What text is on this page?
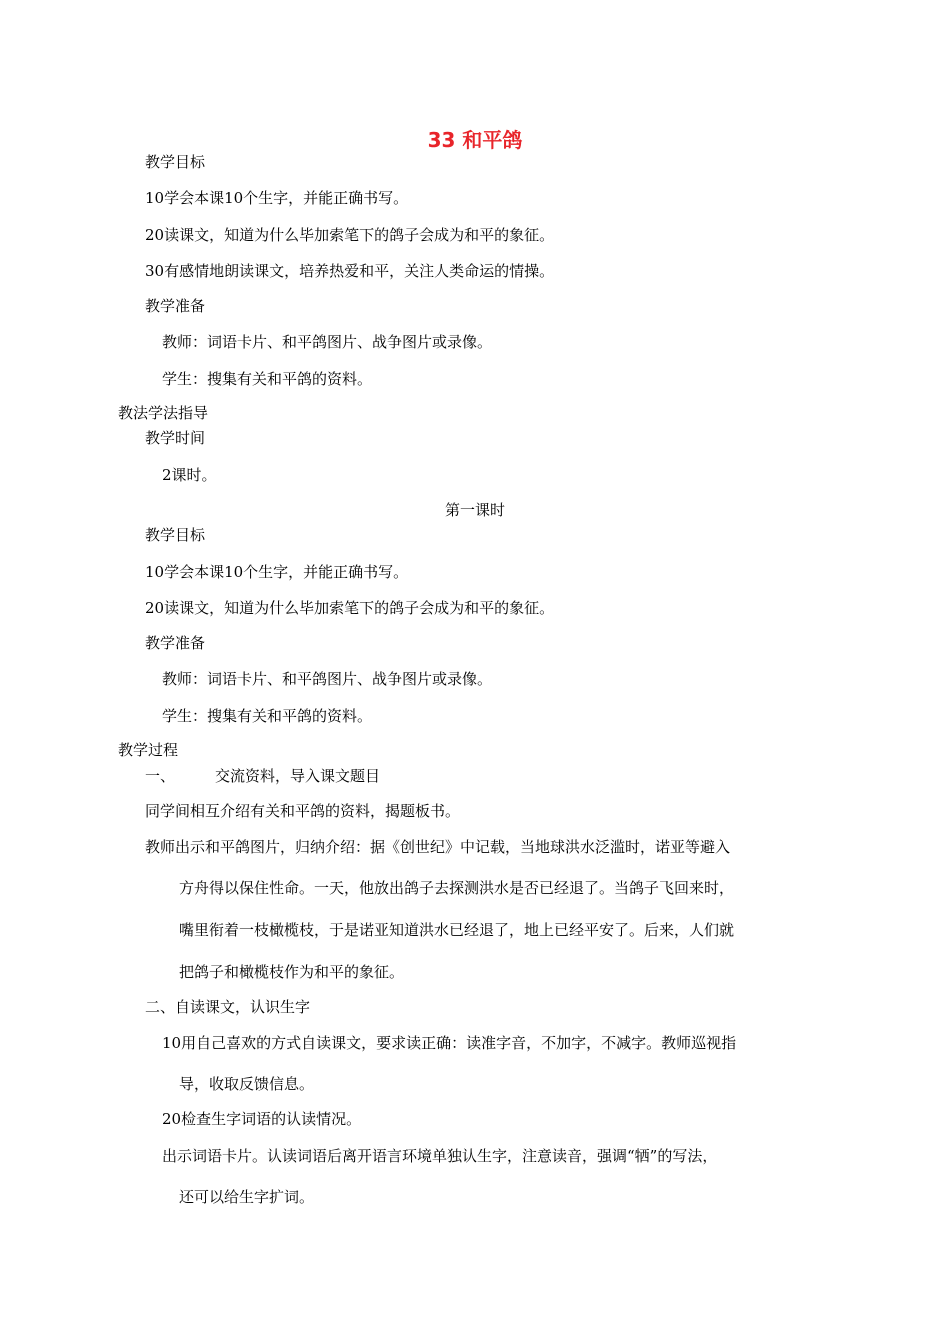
33 和平鸽
教学目标
10学会本课10个生字，并能正确书写。
20读课文，知道为什么毕加索笔下的鸽子会成为和平的象征。
30有感情地朗读课文，培养热爱和平，关注人类命运的情操。
教学准备
教师：词语卡片、和平鸽图片、战争图片或录像。
学生：搜集有关和平鸽的资料。
教法学法指导
教学时间
2课时。
第一课时
教学目标
10学会本课10个生字，并能正确书写。
20读课文，知道为什么毕加索笔下的鸽子会成为和平的象征。
教学准备
教师：词语卡片、和平鸽图片、战争图片或录像。
学生：搜集有关和平鸽的资料。
教学过程
一、	交流资料，导入课文题目
同学间相互介绍有关和平鸽的资料，揭题板书。
教师出示和平鸽图片，归纳介绍：据《创世纪》中记载，当地球洪水泛滥时，诺亚等避入
方舟得以保住性命。一天，他放出鸽子去探测洪水是否已经退了。当鸽子飞回来时，
嘴里衔着一枝橄榄枝，于是诺亚知道洪水已经退了，地上已经平安了。后来，人们就
把鸽子和橄榄枝作为和平的象征。
二、自读课文，认识生字
10用自己喜欢的方式自读课文，要求读正确：读准字音，不加字，不减字。教师巡视指
导，收取反馈信息。
20检查生字词语的认读情况。
出示词语卡片。认读词语后离开语言环境单独认生字，注意读音，强调“牺”的写法，
还可以给生字扩词。
